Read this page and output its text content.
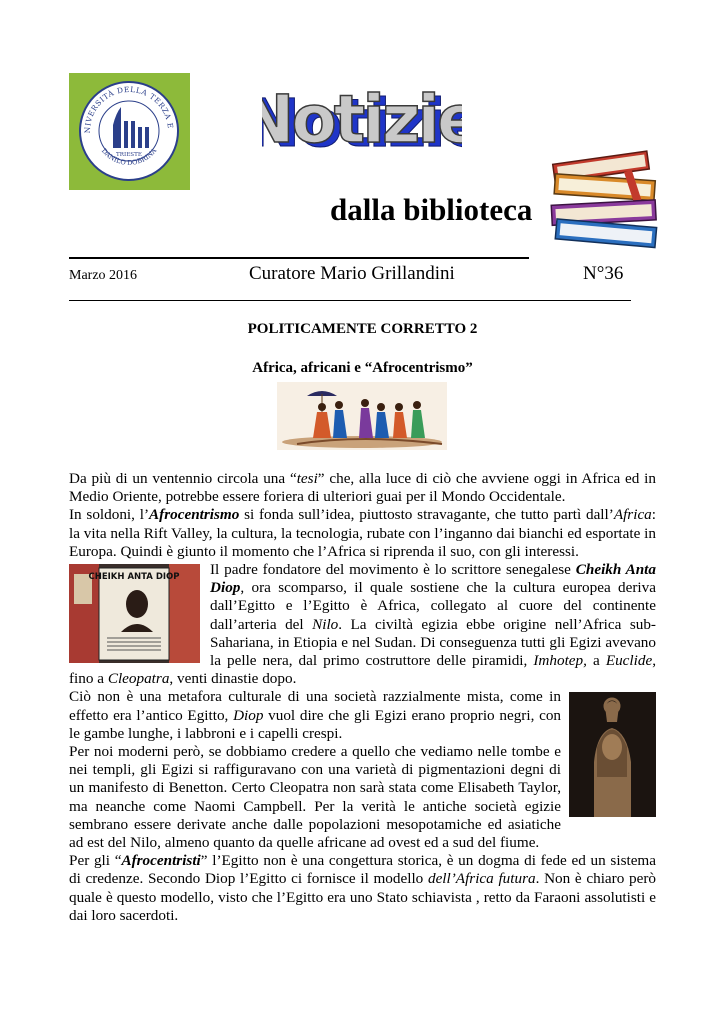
NIVERSITÀ DELLA TERZA E
DANILO DOBRINA
TRIESTE Notizi
Notizie
dalla biblioteca
Marzo 2016	Curatore Mario Grillandini	N°36
POLITICAMENTE CORRETTO 2
Africa, africani e “Afrocentrismo”

Da più di un ventennio circola una “tesi” che, alla luce di ciò che avviene oggi in Africa ed in Medio Oriente, potrebbe essere foriera di ulteriori guai per il Mondo Occidentale.

In soldoni, l’Afrocentrismo si fonda sull’idea, piuttosto stravagante, che tutto partì dall’Africa: la vita nella Rift Valley, la cultura, la tecnologia, rubate con l’inganno dai bianchi ed esportate in Europa. Quindi è giunto il momento che l’Africa si riprenda il suo, con gli interessi.

CHEIKH ANTA DIOP	Il padre fondatore del movimento è lo scrittore senegalese Cheikh Anta Diop, ora scomparso, il quale sostiene che la cultura europea deriva dall’Egitto e l’Egitto è Africa, collegato al cuore del continente dall’arteria del Nilo. La civiltà egizia ebbe origine nell’Africa sub-Sahariana, in Etiopia e nel Sudan. Di conseguenza tutti gli Egizi avevano la pelle nera, dal primo costruttore delle piramidi, Imhotep, a Euclide, fino a Cleopatra, venti dinastie dopo.

Ciò non è una metafora culturale di una società razzialmente mista, come in effetto era l’antico Egitto, Diop vuol dire che gli Egizi erano proprio negri, con le gambe lunghe, i labbroni e i capelli crespi.

Per noi moderni però, se dobbiamo credere a quello che vediamo nelle tombe e nei templi, gli Egizi si raffiguravano con una varietà di pigmentazioni degni di un manifesto di Benetton. Certo Cleopatra non sarà stata come Elisabeth Taylor, ma neanche come Naomi Campbell. Per la verità le antiche società egizie sembrano essere derivate anche dalle popolazioni mesopotamiche ed asiatiche ad est del Nilo, almeno quanto da quelle africane ad ovest ed a sud del fiume.

Per gli “Afrocentristi” l’Egitto non è una congettura storica, è un dogma di fede ed un sistema di credenze. Secondo Diop l’Egitto ci fornisce il modello dell’Africa futura. Non è chiaro però quale è questo modello, visto che l’Egitto era uno Stato schiavista , retto da Faraoni assolutisti e dai loro sacerdoti.
